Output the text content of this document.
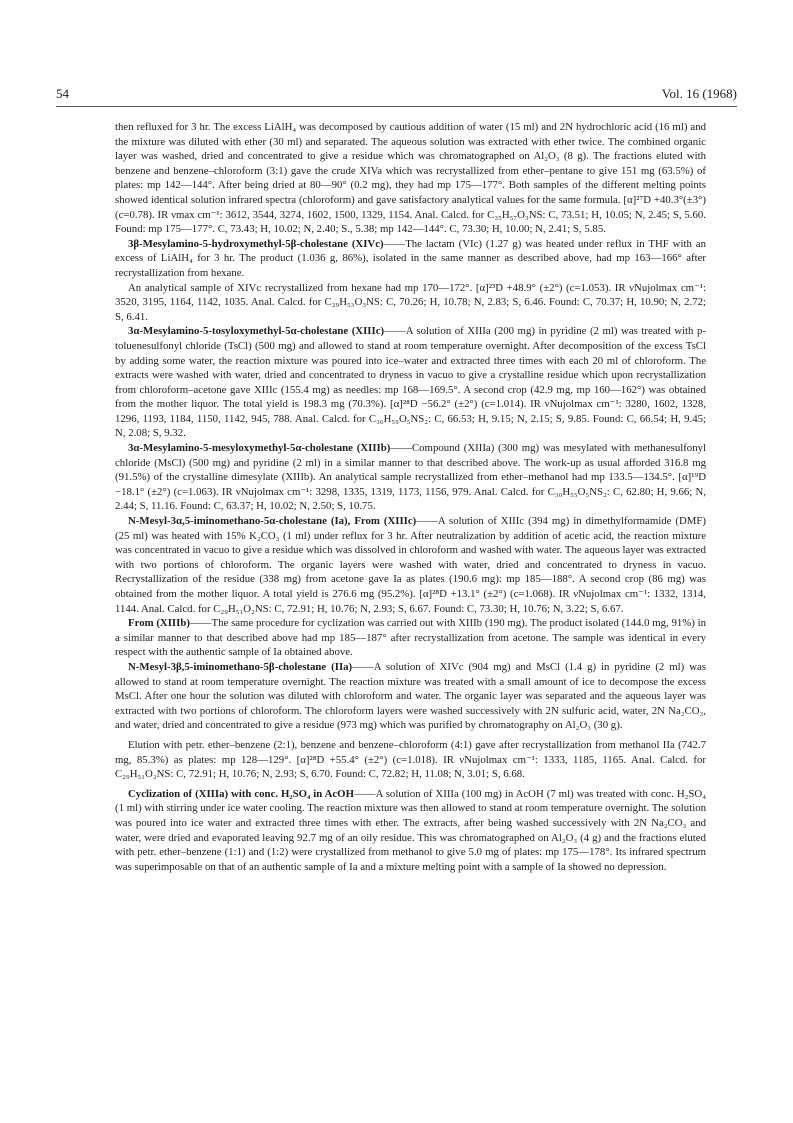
54	Vol. 16 (1968)

then refluxed for 3 hr. The excess LiAlH₄ was decomposed by cautious addition of water (15 ml) and 2N hydrochloric acid (16 ml) and the mixture was diluted with ether (30 ml) and separated. The aqueous solution was extracted with ether twice. The combined organic layer was washed, dried and concentrated to give a residue which was chromatographed on Al₂O₃ (8 g). The fractions eluted with benzene and benzene–chloroform (3:1) gave the crude XIVa which was recrystallized from ether–pentane to give 151 mg (63.5%) of plates: mp 142—144°. After being dried at 80—90° (0.2 mg), they had mp 175—177°. Both samples of the different melting points showed identical solution infrared spectra (chloroform) and gave satisfactory analytical values for the same formula. [α]²⁷D +40.3°(±3°) (c=0.78). IR νmax cm⁻¹: 3612, 3544, 3274, 1602, 1500, 1329, 1154. Anal. Calcd. for C₃₅H₅₇O₃NS: C, 73.51; H, 10.05; N, 2.45; S, 5.60. Found: mp 175—177°. C, 73.43; H, 10.02; N, 2.40; S., 5.38; mp 142—144°. C, 73.30; H, 10.00; N, 2.41; S, 5.85.

3β-Mesylamino-5-hydroxymethyl-5β-cholestane (XIVc)——The lactam (VIc) (1.27 g) was heated under reflux in THF with an excess of LiAlH₄ for 3 hr. The product (1.036 g, 86%), isolated in the same manner as described above, had mp 163—166° after recrystallization from hexane.

An analytical sample of XIVc recrystallized from hexane had mp 170—172°. [α]²³D +48.9° (±2°) (c=1.053). IR νNujolmax cm⁻¹: 3520, 3195, 1164, 1142, 1035. Anal. Calcd. for C₂₉H₅₃O₃NS: C, 70.26; H, 10.78; N, 2.83; S, 6.46. Found: C, 70.37; H, 10.90; N, 2.72; S, 6.41.

3α-Mesylamino-5-tosyloxymethyl-5α-cholestane (XIIIc)——A solution of XIIIa (200 mg) in pyridine (2 ml) was treated with p-toluenesulfonyl chloride (TsCl) (500 mg) and allowed to stand at room temperature overnight. After decomposition of the excess TsCl by adding some water, the reaction mixture was poured into ice–water and extracted three times with each 20 ml of chloroform. The extracts were washed with water, dried and concentrated to dryness in vacuo to give a crystalline residue which upon recrystallization from chloroform–acetone gave XIIIc (155.4 mg) as needles: mp 168—169.5°. A second crop (42.9 mg, mp 160—162°) was obtained from the mother liquor. The total yield is 198.3 mg (70.3%). [α]²⁸D −56.2° (±2°) (c=1.014). IR νNujolmax cm⁻¹: 3280, 1602, 1328, 1296, 1193, 1184, 1150, 1142, 945, 788. Anal. Calcd. for C₃₆H₅₉O₅NS₂: C, 66.53; H, 9.15; N, 2.15; S, 9.85. Found: C, 66.54; H, 9.45; N, 2.08; S, 9.32.

3α-Mesylamino-5-mesyloxymethyl-5α-cholestane (XIIIb)——Compound (XIIIa) (300 mg) was mesylated with methanesulfonyl chloride (MsCl) (500 mg) and pyridine (2 ml) in a similar manner to that described above. The work-up as usual afforded 316.8 mg (91.5%) of the crystalline dimesylate (XIIIb). An analytical sample recrystallized from ether–methanol had mp 133.5—134.5°. [α]¹⁹D −18.1° (±2°) (c=1.063). IR νNujolmax cm⁻¹: 3298, 1335, 1319, 1173, 1156, 979. Anal. Calcd. for C₃₀H₅₅O₅NS₂: C, 62.80; H, 9.66; N, 2.44; S, 11.16. Found: C, 63.37; H, 10.02; N, 2.50; S, 10.75.

N-Mesyl-3α,5-iminomethano-5α-cholestane (Ia), From (XIIIc)——A solution of XIIIc (394 mg) in dimethylformamide (DMF) (25 ml) was heated with 15% K₂CO₃ (1 ml) under reflux for 3 hr. After neutralization by addition of acetic acid, the reaction mixture was concentrated in vacuo to give a residue which was dissolved in chloroform and washed with water. The aqueous layer was extracted with two portions of chloroform. The organic layers were washed with water, dried and concentrated to dryness in vacuo. Recrystallization of the residue (338 mg) from acetone gave Ia as plates (190.6 mg): mp 185—188°. A second crop (86 mg) was obtained from the mother liquor. A total yield is 276.6 mg (95.2%). [α]²⁸D +13.1° (±2°) (c=1.068). IR νNujolmax cm⁻¹: 1332, 1314, 1144. Anal. Calcd. for C₂₉H₅₁O₂NS: C, 72.91; H, 10.76; N, 2.93; S, 6.67. Found: C, 73.30; H, 10.76; N, 3.22; S, 6.67.

From (XIIIb)——The same procedure for cyclization was carried out with XIIIb (190 mg). The product isolated (144.0 mg, 91%) in a similar manner to that described above had mp 185—187° after recrystallization from acetone. The sample was identical in every respect with the authentic sample of Ia obtained above.

N-Mesyl-3β,5-iminomethano-5β-cholestane (IIa)——A solution of XIVc (904 mg) and MsCl (1.4 g) in pyridine (2 ml) was allowed to stand at room temperature overnight. The reaction mixture was treated with a small amount of ice to decompose the excess MsCl. After one hour the solution was diluted with chloroform and water. The organic layer was separated and the aqueous layer was extracted with two portions of chloroform. The chloroform layers were washed successively with 2N sulfuric acid, water, 2N Na₂CO₃, and water, dried and concentrated to give a residue (973 mg) which was purified by chromatography on Al₂O₃ (30 g).

Elution with petr. ether–benzene (2:1), benzene and benzene–chloroform (4:1) gave after recrystallization from methanol IIa (742.7 mg, 85.3%) as plates: mp 128—129°. [α]²⁸D +55.4° (±2°) (c=1.018). IR νNujolmax cm⁻¹: 1333, 1185, 1165. Anal. Calcd. for C₂₉H₅₁O₂NS: C, 72.91; H, 10.76; N, 2.93; S, 6.70. Found: C, 72.82; H, 11.08; N, 3.01; S, 6.68.

Cyclization of (XIIIa) with conc. H₂SO₄ in AcOH——A solution of XIIIa (100 mg) in AcOH (7 ml) was treated with conc. H₂SO₄ (1 ml) with stirring under ice water cooling. The reaction mixture was then allowed to stand at room temperature overnight. The solution was poured into ice water and extracted three times with ether. The extracts, after being washed successively with 2N Na₂CO₃ and water, were dried and evaporated leaving 92.7 mg of an oily residue. This was chromatographed on Al₂O₃ (4 g) and the fractions eluted with petr. ether–benzene (1:1) and (1:2) were crystallized from methanol to give 5.0 mg of plates: mp 175—178°. Its infrared spectrum was superimposable on that of an authentic sample of Ia and a mixture melting point with a sample of Ia showed no depression.
